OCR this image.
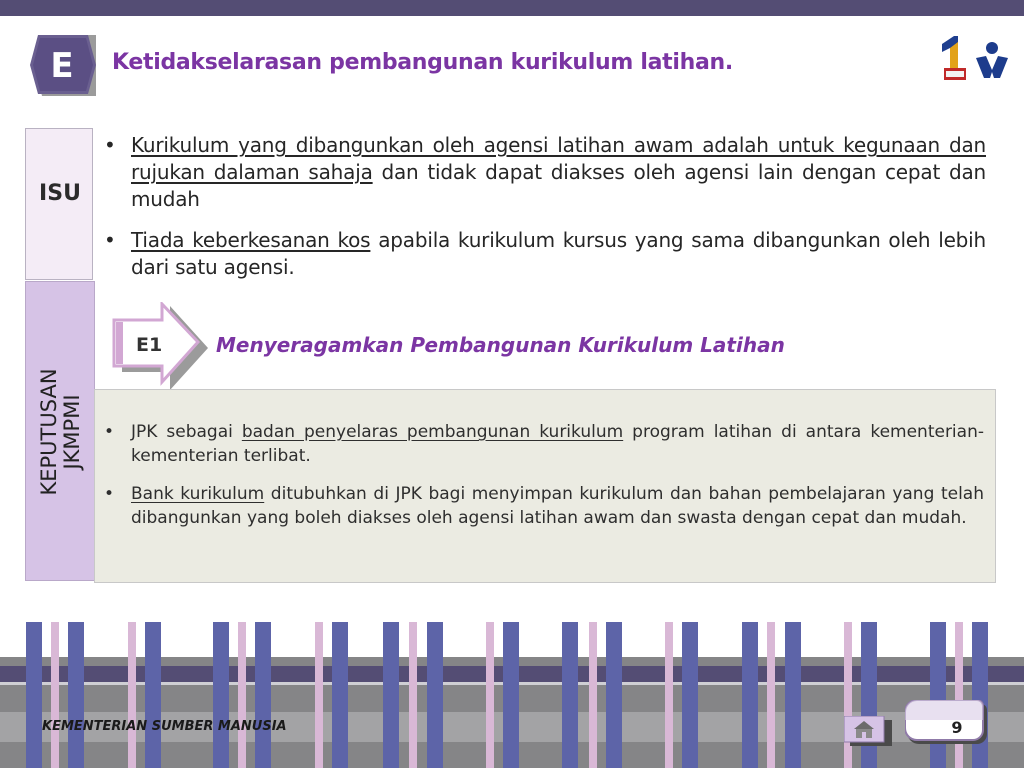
E Ketidakselarasan pembangunan kurikulum latihan.
ISU
• Kurikulum yang dibangunkan oleh agensi latihan awam adalah untuk kegunaan dan rujukan dalaman sahaja dan tidak dapat diakses oleh agensi lain dengan cepat dan mudah
• Tiada keberkesanan kos apabila kurikulum kursus yang sama dibangunkan oleh lebih dari satu agensi.
KEPUTUSAN JKMPMI
E1	Menyeragamkan Pembangunan Kurikulum Latihan
• JPK sebagai badan penyelaras pembangunan kurikulum program latihan di antara kementerian-kementerian terlibat.
• Bank kurikulum ditubuhkan di JPK bagi menyimpan kurikulum dan bahan pembelajaran yang telah dibangunkan yang boleh diakses oleh agensi latihan awam dan swasta dengan cepat dan mudah.
KEMENTERIAN SUMBER MANUSIA	9
